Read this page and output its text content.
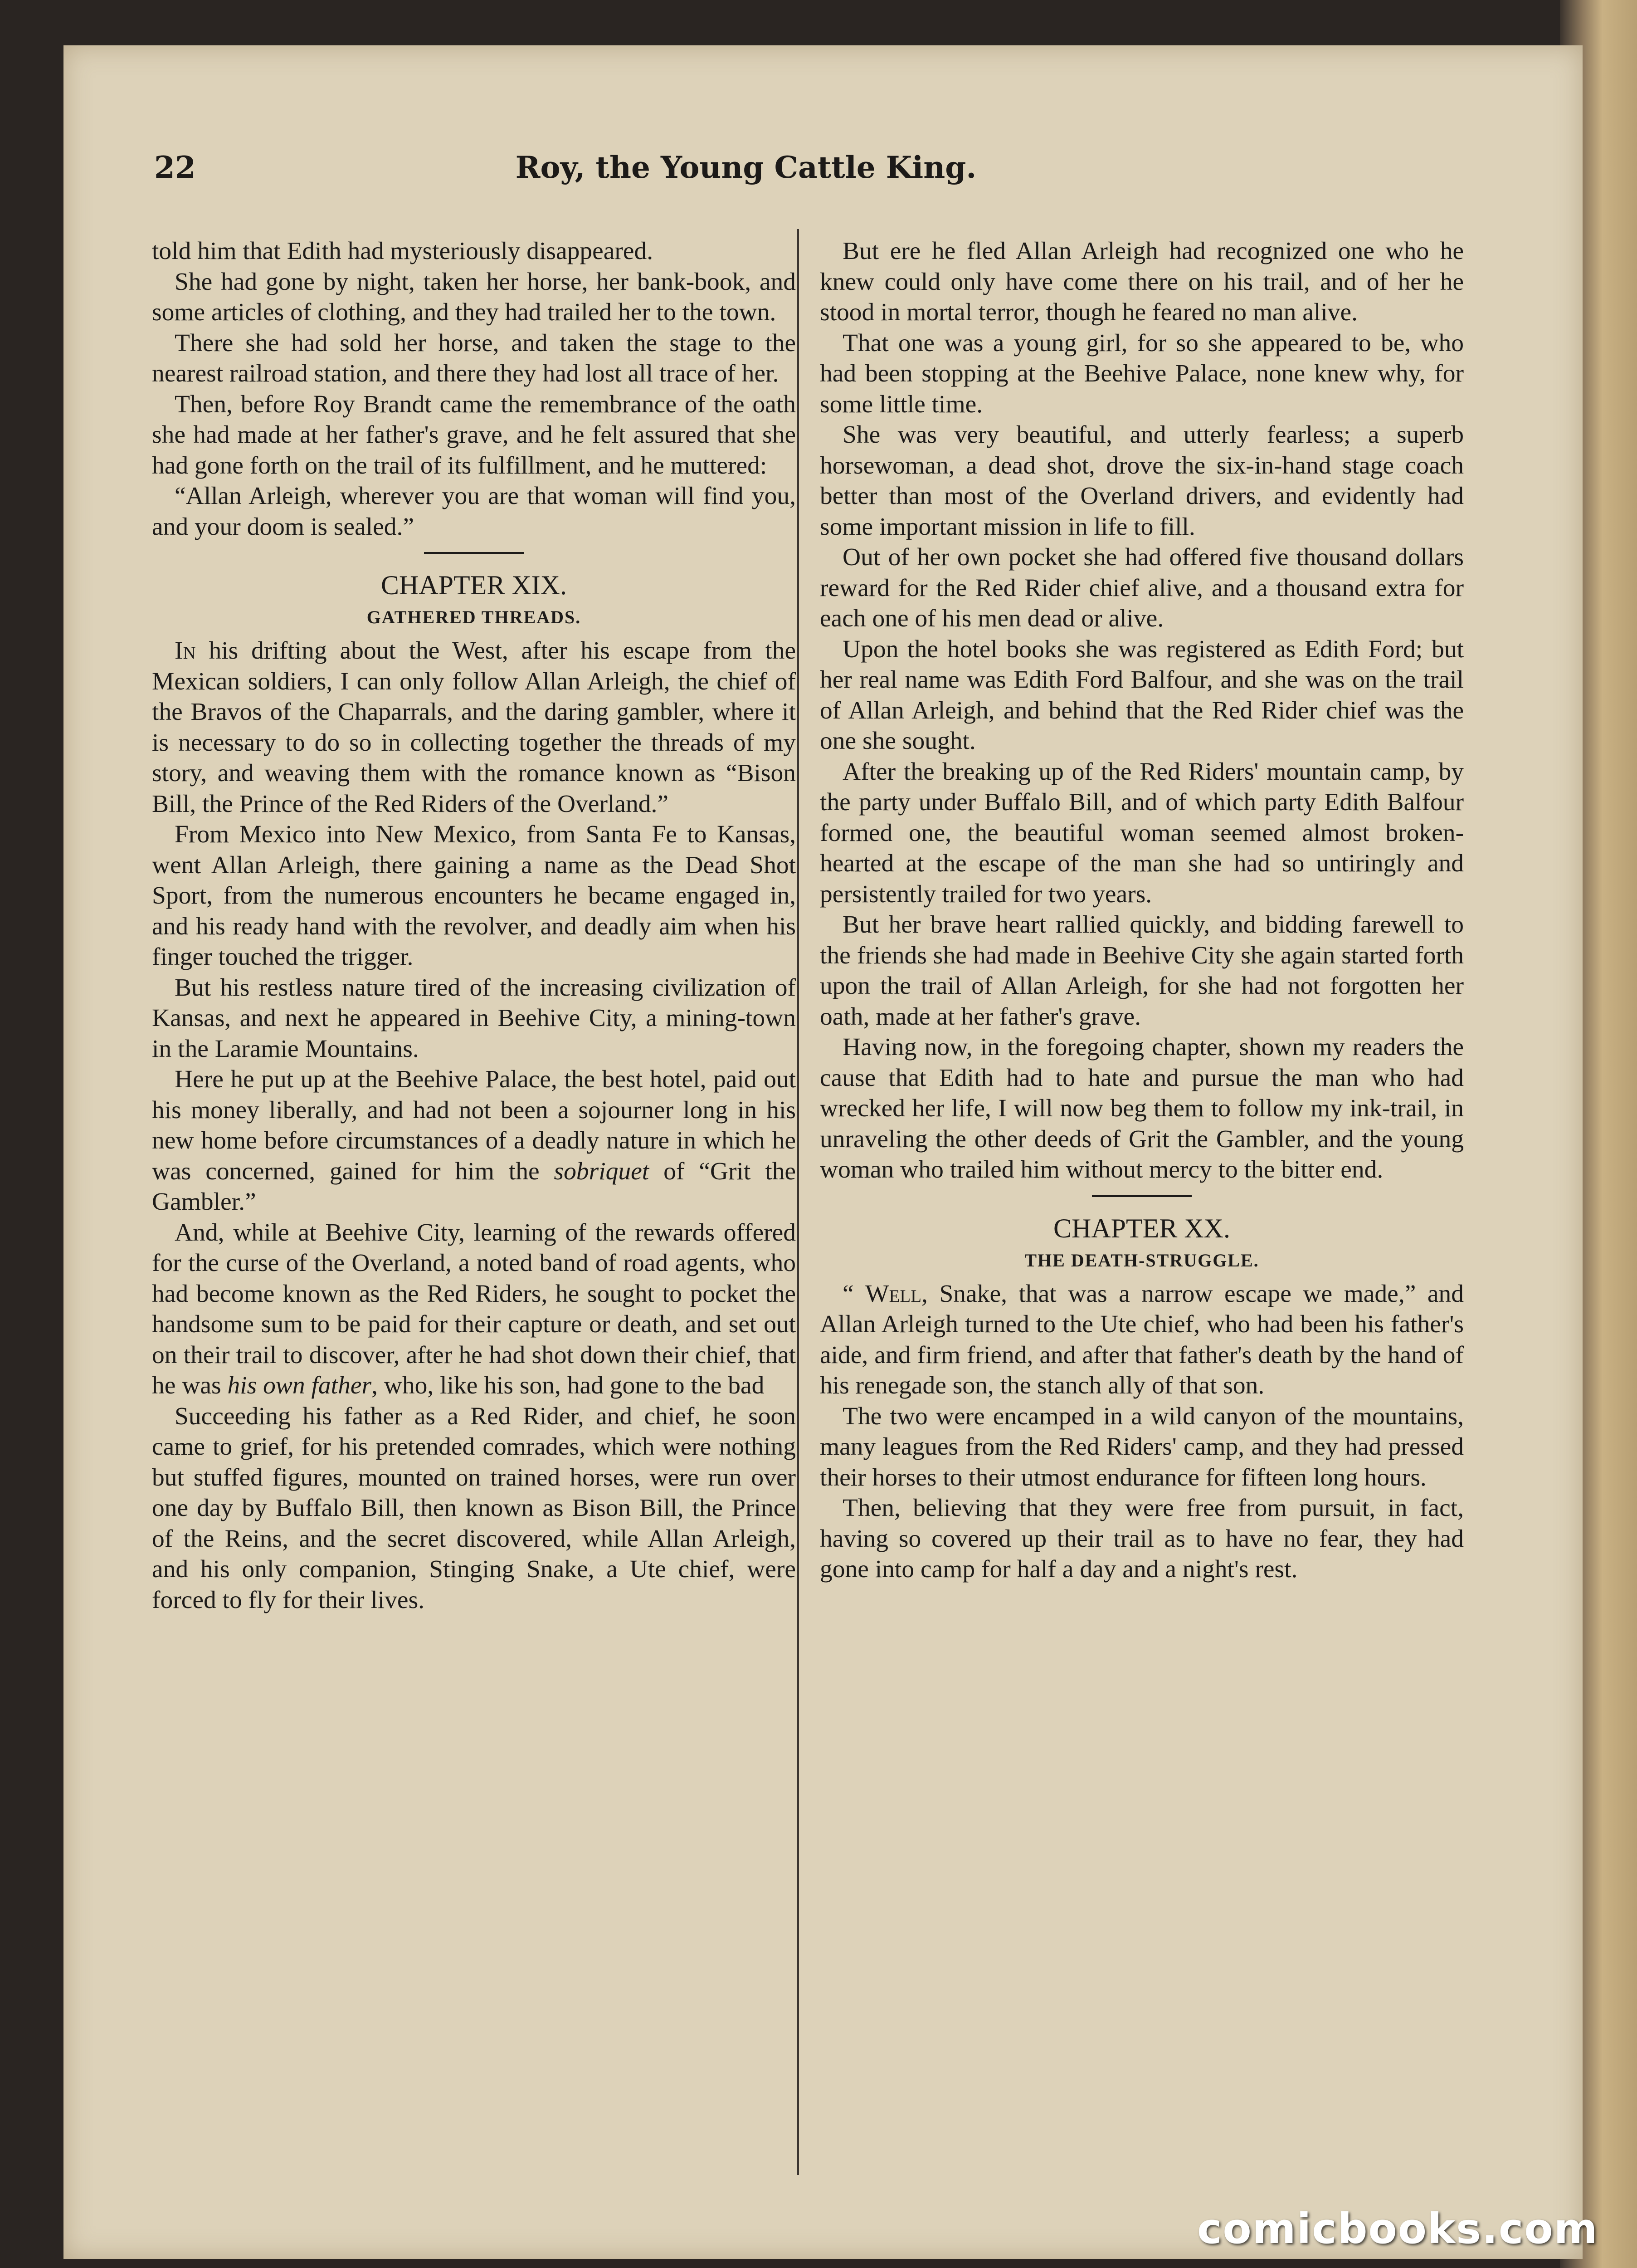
22	Roy, the Young Cattle King.

told him that Edith had mysteriously disappeared.

She had gone by night, taken her horse, her bank-book, and some articles of clothing, and they had trailed her to the town.

There she had sold her horse, and taken the stage to the nearest railroad station, and there they had lost all trace of her.

Then, before Roy Brandt came the remembrance of the oath she had made at her father's grave, and he felt assured that she had gone forth on the trail of its fulfillment, and he muttered:

“Allan Arleigh, wherever you are that woman will find you, and your doom is sealed.”

CHAPTER XIX.
GATHERED THREADS.

In his drifting about the West, after his escape from the Mexican soldiers, I can only follow Allan Arleigh, the chief of the Bravos of the Chaparrals, and the daring gambler, where it is necessary to do so in collecting together the threads of my story, and weaving them with the romance known as “Bison Bill, the Prince of the Red Riders of the Overland.”

From Mexico into New Mexico, from Santa Fe to Kansas, went Allan Arleigh, there gaining a name as the Dead Shot Sport, from the numerous encounters he became engaged in, and his ready hand with the revolver, and deadly aim when his finger touched the trigger.

But his restless nature tired of the increasing civilization of Kansas, and next he appeared in Beehive City, a mining-town in the Laramie Mountains.

Here he put up at the Beehive Palace, the best hotel, paid out his money liberally, and had not been a sojourner long in his new home before circumstances of a deadly nature in which he was concerned, gained for him the sobriquet of “Grit the Gambler.”

And, while at Beehive City, learning of the rewards offered for the curse of the Overland, a noted band of road agents, who had become known as the Red Riders, he sought to pocket the handsome sum to be paid for their capture or death, and set out on their trail to discover, after he had shot down their chief, that he was his own father, who, like his son, had gone to the bad

Succeeding his father as a Red Rider, and chief, he soon came to grief, for his pretended comrades, which were nothing but stuffed figures, mounted on trained horses, were run over one day by Buffalo Bill, then known as Bison Bill, the Prince of the Reins, and the secret discovered, while Allan Arleigh, and his only companion, Stinging Snake, a Ute chief, were forced to fly for their lives.

But ere he fled Allan Arleigh had recognized one who he knew could only have come there on his trail, and of her he stood in mortal terror, though he feared no man alive.

That one was a young girl, for so she appeared to be, who had been stopping at the Beehive Palace, none knew why, for some little time.

She was very beautiful, and utterly fearless; a superb horsewoman, a dead shot, drove the six-in-hand stage coach better than most of the Overland drivers, and evidently had some important mission in life to fill.

Out of her own pocket she had offered five thousand dollars reward for the Red Rider chief alive, and a thousand extra for each one of his men dead or alive.

Upon the hotel books she was registered as Edith Ford; but her real name was Edith Ford Balfour, and she was on the trail of Allan Arleigh, and behind that the Red Rider chief was the one she sought.

After the breaking up of the Red Riders' mountain camp, by the party under Buffalo Bill, and of which party Edith Balfour formed one, the beautiful woman seemed almost broken-hearted at the escape of the man she had so untiringly and persistently trailed for two years.

But her brave heart rallied quickly, and bidding farewell to the friends she had made in Beehive City she again started forth upon the trail of Allan Arleigh, for she had not forgotten her oath, made at her father's grave.

Having now, in the foregoing chapter, shown my readers the cause that Edith had to hate and pursue the man who had wrecked her life, I will now beg them to follow my ink-trail, in unraveling the other deeds of Grit the Gambler, and the young woman who trailed him without mercy to the bitter end.

CHAPTER XX.
THE DEATH-STRUGGLE.

“ Well, Snake, that was a narrow escape we made,” and Allan Arleigh turned to the Ute chief, who had been his father's aide, and firm friend, and after that father's death by the hand of his renegade son, the stanch ally of that son.

The two were encamped in a wild canyon of the mountains, many leagues from the Red Riders' camp, and they had pressed their horses to their utmost endurance for fifteen long hours.

Then, believing that they were free from pursuit, in fact, having so covered up their trail as to have no fear, they had gone into camp for half a day and a night's rest.

comicbooks.com
